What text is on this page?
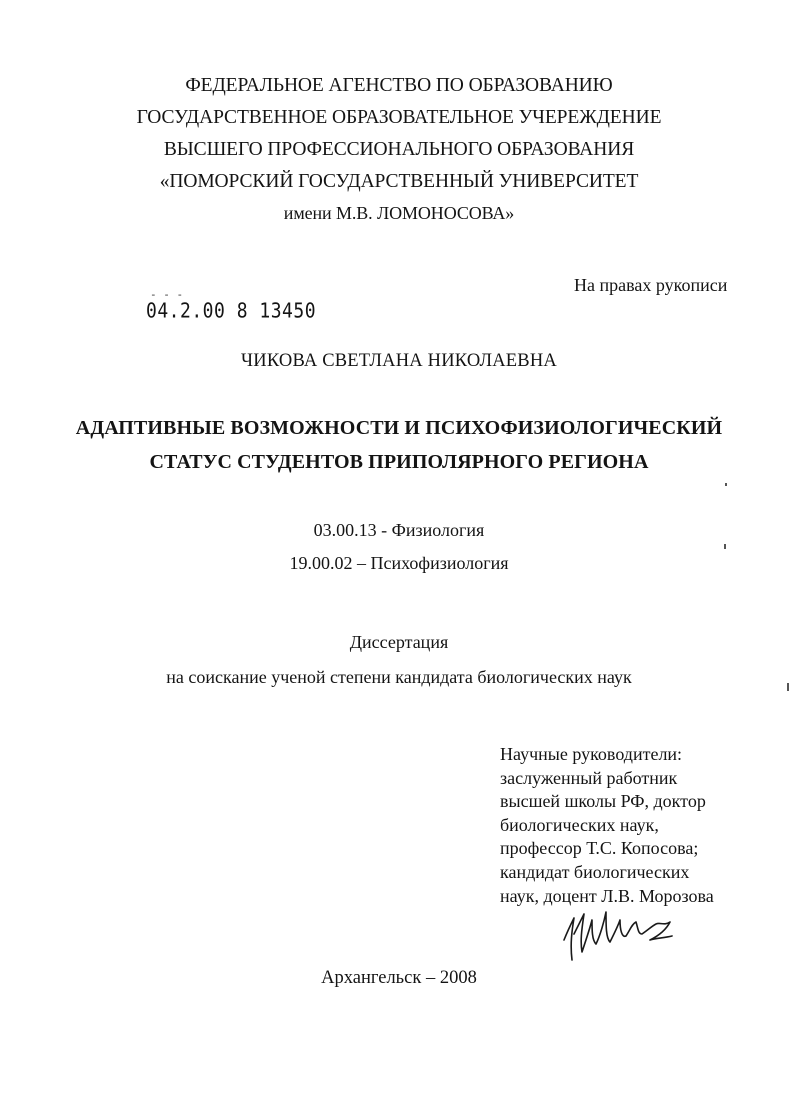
ФЕДЕРАЛЬНОЕ АГЕНСТВО ПО ОБРАЗОВАНИЮ
ГОСУДАРСТВЕННОЕ ОБРАЗОВАТЕЛЬНОЕ УЧЕРЕЖДЕНИЕ
ВЫСШЕГО ПРОФЕССИОНАЛЬНОГО ОБРАЗОВАНИЯ
«ПОМОРСКИЙ ГОСУДАРСТВЕННЫЙ УНИВЕРСИТЕТ
имени М.В. ЛОМОНОСОВА»
На правах рукописи
‑ ‑ ‑
04.2.00 8 13450
ЧИКОВА СВЕТЛАНА НИКОЛАЕВНА
АДАПТИВНЫЕ ВОЗМОЖНОСТИ И ПСИХОФИЗИОЛОГИЧЕСКИЙ
СТАТУС СТУДЕНТОВ ПРИПОЛЯРНОГО РЕГИОНА
03.00.13 - Физиология
19.00.02 – Психофизиология
Диссертация
на соискание ученой степени кандидата биологических наук
Научные руководители:
заслуженный работник
высшей школы РФ, доктор
биологических наук,
профессор Т.С. Копосова;
кандидат биологических
наук, доцент Л.В. Морозова
Архангельск – 2008
